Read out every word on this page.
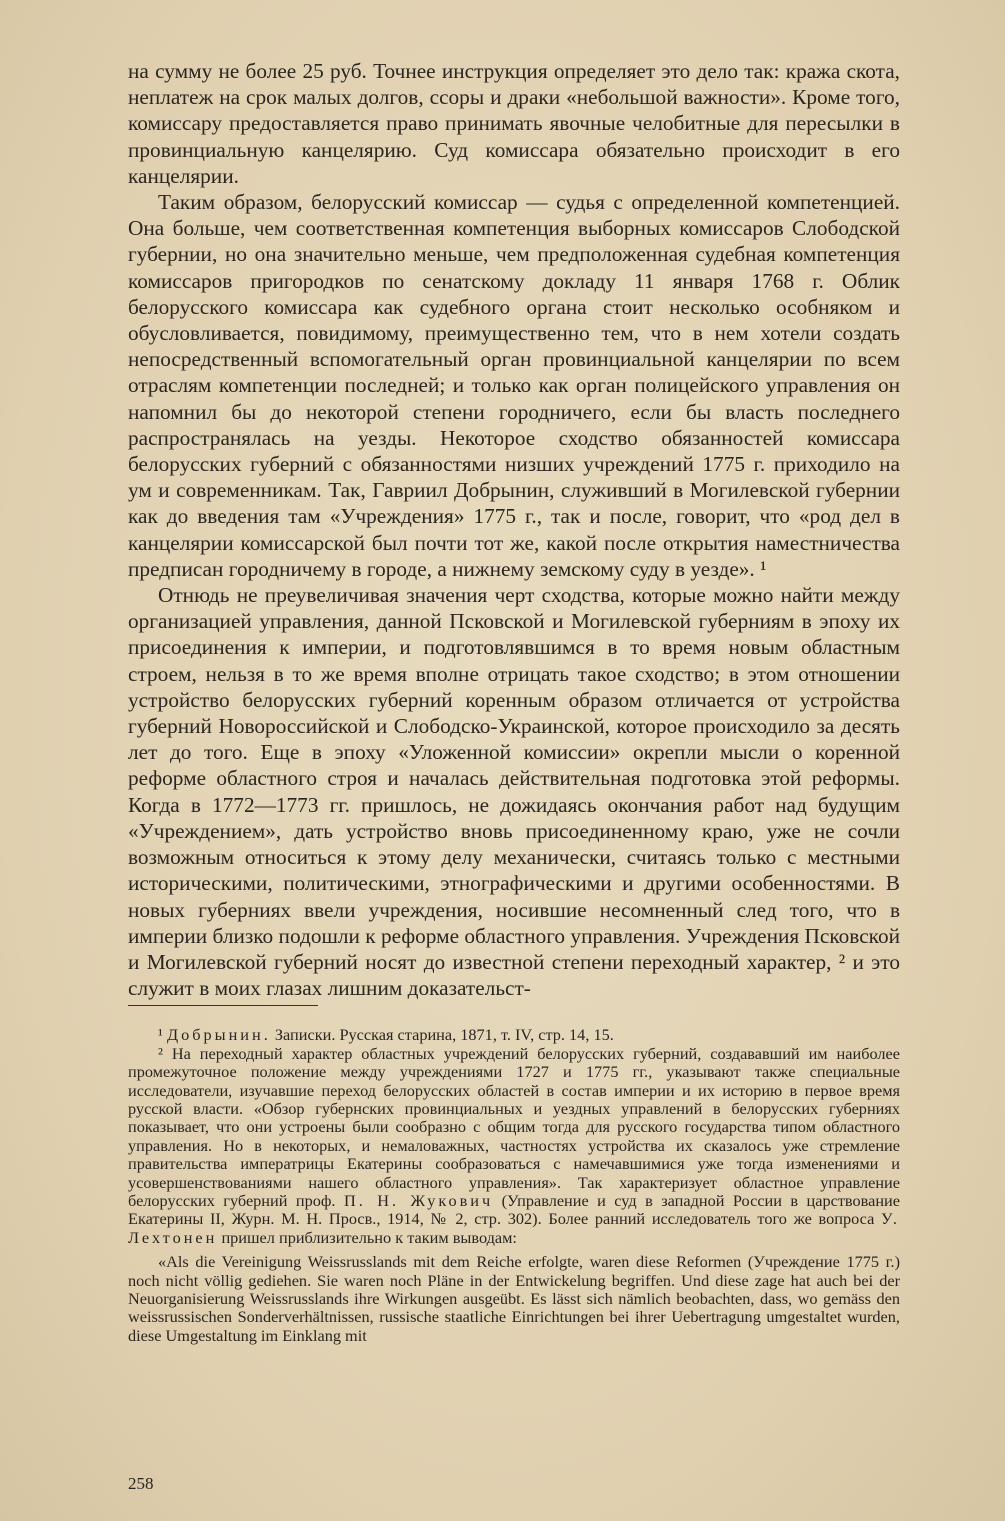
на сумму не более 25 руб. Точнее инструкция определяет это дело так: кража скота, неплатеж на срок малых долгов, ссоры и драки «небольшой важности». Кроме того, комиссару предоставляется право принимать явочные челобитные для пересылки в провинциальную канцелярию. Суд комиссара обязательно происходит в его канцелярии.

Таким образом, белорусский комиссар — судья с определенной компетенцией. Она больше, чем соответственная компетенция выборных комиссаров Слободской губернии, но она значительно меньше, чем предположенная судебная компетенция комиссаров пригородков по сенатскому докладу 11 января 1768 г. Облик белорусского комиссара как судебного органа стоит несколько особняком и обусловливается, повидимому, преимущественно тем, что в нем хотели создать непосредственный вспомогательный орган провинциальной канцелярии по всем отраслям компетенции последней; и только как орган полицейского управления он напомнил бы до некоторой степени городничего, если бы власть последнего распространялась на уезды. Некоторое сходство обязанностей комиссара белорусских губерний с обязанностями низших учреждений 1775 г. приходило на ум и современникам. Так, Гавриил Добрынин, служивший в Могилевской губернии как до введения там «Учреждения» 1775 г., так и после, говорит, что «род дел в канцелярии комиссарской был почти тот же, какой после открытия наместничества предписан городничему в городе, а нижнему земскому суду в уезде». ¹

Отнюдь не преувеличивая значения черт сходства, которые можно найти между организацией управления, данной Псковской и Могилевской губерниям в эпоху их присоединения к империи, и подготовлявшимся в то время новым областным строем, нельзя в то же время вполне отрицать такое сходство; в этом отношении устройство белорусских губерний коренным образом отличается от устройства губерний Новороссийской и Слободско-Украинской, которое происходило за десять лет до того. Еще в эпоху «Уложенной комиссии» окрепли мысли о коренной реформе областного строя и началась действительная подготовка этой реформы. Когда в 1772—1773 гг. пришлось, не дожидаясь окончания работ над будущим «Учреждением», дать устройство вновь присоединенному краю, уже не сочли возможным относиться к этому делу механически, считаясь только с местными историческими, политическими, этнографическими и другими особенностями. В новых губерниях ввели учреждения, носившие несомненный след того, что в империи близко подошли к реформе областного управления. Учреждения Псковской и Могилевской губерний носят до известной степени переходный характер, ² и это служит в моих глазах лишним доказательст-

¹ Добрынин. Записки. Русская старина, 1871, т. IV, стр. 14, 15.

² На переходный характер областных учреждений белорусских губерний, создававший им наиболее промежуточное положение между учреждениями 1727 и 1775 гг., указывают также специальные исследователи, изучавшие переход белорусских областей в состав империи и их историю в первое время русской власти. «Обзор губернских провинциальных и уездных управлений в белорусских губерниях показывает, что они устроены были сообразно с общим тогда для русского государства типом областного управления. Но в некоторых, и немаловажных, частностях устройства их сказалось уже стремление правительства императрицы Екатерины сообразоваться с намечавшимися уже тогда изменениями и усовершенствованиями нашего областного управления». Так характеризует областное управление белорусских губерний проф. П. Н. Жукович (Управление и суд в западной России в царствование Екатерины II, Журн. М. Н. Просв., 1914, № 2, стр. 302). Более ранний исследователь того же вопроса У. Лехтонен пришел приблизительно к таким выводам:

«Als die Vereinigung Weissrusslands mit dem Reiche erfolgte, waren diese Reformen (Учреждение 1775 г.) noch nicht völlig gediehen. Sie waren noch Pläne in der Entwickelung begriffen. Und diese zage hat auch bei der Neuorganisierung Weissrusslands ihre Wirkungen ausgeübt. Es lässt sich nämlich beobachten, dass, wo gemäss den weissrussischen Sonderverhältnissen, russische staatliche Einrichtungen bei ihrer Uebertragung umgestaltet wurden, diese Umgestaltung im Einklang mit

258
